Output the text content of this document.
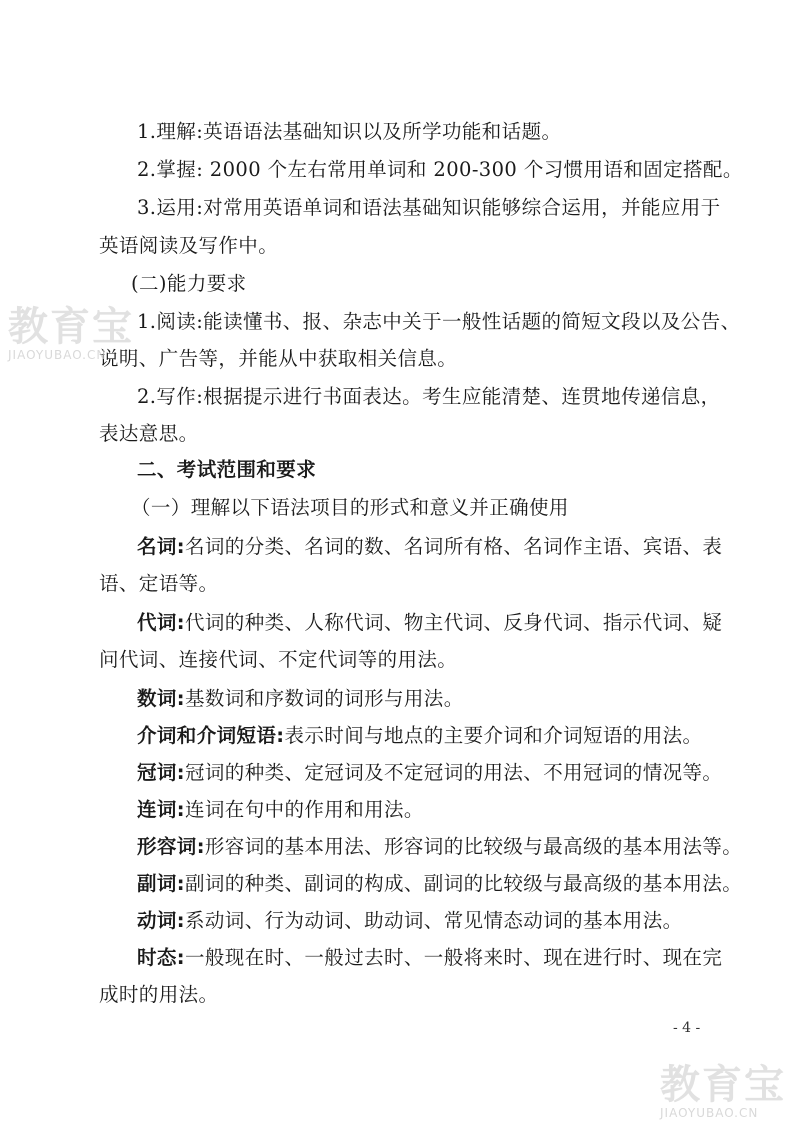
1.理解:英语语法基础知识以及所学功能和话题。
2.掌握: 2000 个左右常用单词和 200-300 个习惯用语和固定搭配。
3.运用:对常用英语单词和语法基础知识能够综合运用，并能应用于
英语阅读及写作中。
(二)能力要求
1.阅读:能读懂书、报、杂志中关于一般性话题的简短文段以及公告、
说明、广告等，并能从中获取相关信息。
2.写作:根据提示进行书面表达。考生应能清楚、连贯地传递信息，
表达意思。
二、考试范围和要求
（一）理解以下语法项目的形式和意义并正确使用
名词:名词的分类、名词的数、名词所有格、名词作主语、宾语、表
语、定语等。
代词:代词的种类、人称代词、物主代词、反身代词、指示代词、疑
问代词、连接代词、不定代词等的用法。
数词:基数词和序数词的词形与用法。
介词和介词短语:表示时间与地点的主要介词和介词短语的用法。
冠词:冠词的种类、定冠词及不定冠词的用法、不用冠词的情况等。
连词:连词在句中的作用和用法。
形容词:形容词的基本用法、形容词的比较级与最高级的基本用法等。
副词:副词的种类、副词的构成、副词的比较级与最高级的基本用法。
动词:系动词、行为动词、助动词、常见情态动词的基本用法。
时态:一般现在时、一般过去时、一般将来时、现在进行时、现在完
成时的用法。
- 4 -
教育宝
JIAOYUBAO.CN
教育宝
JIAOYUBAO.CN
